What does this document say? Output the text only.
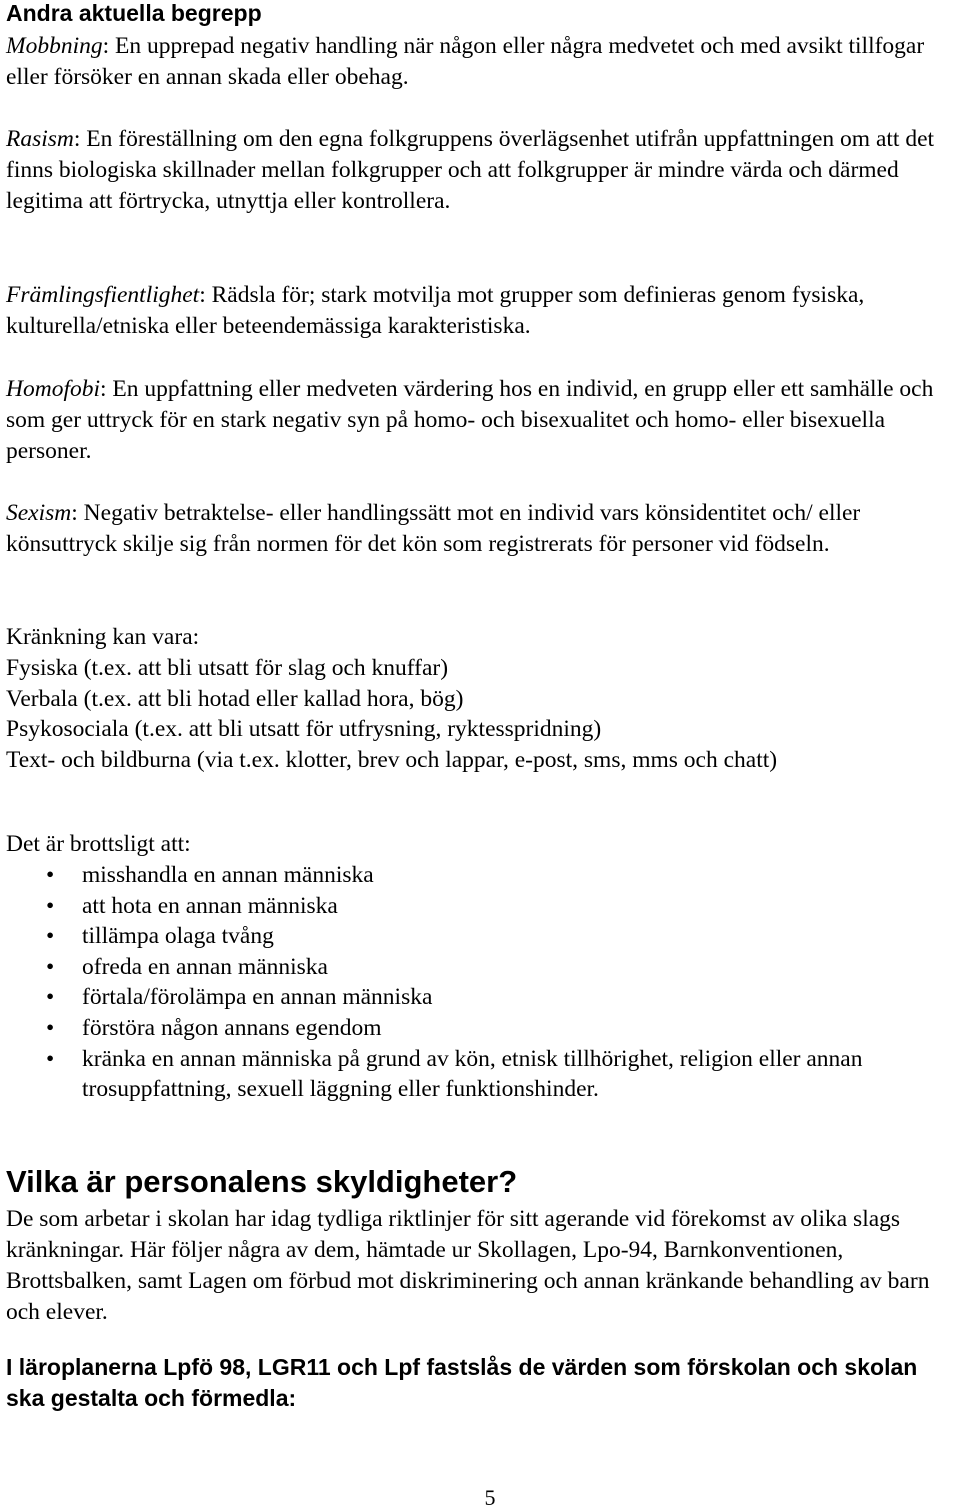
Andra aktuella begrepp

Mobbning: En upprepad negativ handling när någon eller några medvetet och med avsikt tillfogar eller försöker en annan skada eller obehag.

Rasism: En föreställning om den egna folkgruppens överlägsenhet utifrån uppfattningen om att det finns biologiska skillnader mellan folkgrupper och att folkgrupper är mindre värda och därmed legitima att förtrycka, utnyttja eller kontrollera.

Främlingsfientlighet: Rädsla för; stark motvilja mot grupper som definieras genom fysiska, kulturella/etniska eller beteendemässiga karakteristiska.

Homofobi: En uppfattning eller medveten värdering hos en individ, en grupp eller ett samhälle och som ger uttryck för en stark negativ syn på homo- och bisexualitet och homo- eller bisexuella personer.

Sexism: Negativ betraktelse- eller handlingssätt mot en individ vars könsidentitet och/ eller könsuttryck skilje sig från normen för det kön som registrerats för personer vid födseln.

Kränkning kan vara:
Fysiska (t.ex. att bli utsatt för slag och knuffar)
Verbala (t.ex. att bli hotad eller kallad hora, bög)
Psykosociala (t.ex. att bli utsatt för utfrysning, ryktesspridning)
Text- och bildburna (via t.ex. klotter, brev och lappar, e-post, sms, mms och chatt)
Det är brottsligt att:
• misshandla en annan människa
• att hota en annan människa
• tillämpa olaga tvång
• ofreda en annan människa
• förtala/förolämpa en annan människa
• förstöra någon annans egendom
• kränka en annan människa på grund av kön, etnisk tillhörighet, religion eller annan trosuppfattning, sexuell läggning eller funktionshinder.
Vilka är personalens skyldigheter?

De som arbetar i skolan har idag tydliga riktlinjer för sitt agerande vid förekomst av olika slags kränkningar. Här följer några av dem, hämtade ur Skollagen, Lpo-94, Barnkonventionen, Brottsbalken, samt Lagen om förbud mot diskriminering och annan kränkande behandling av barn och elever.

I läroplanerna Lpfö 98, LGR11 och Lpf fastslås de värden som förskolan och skolan ska gestalta och förmedla:

5
